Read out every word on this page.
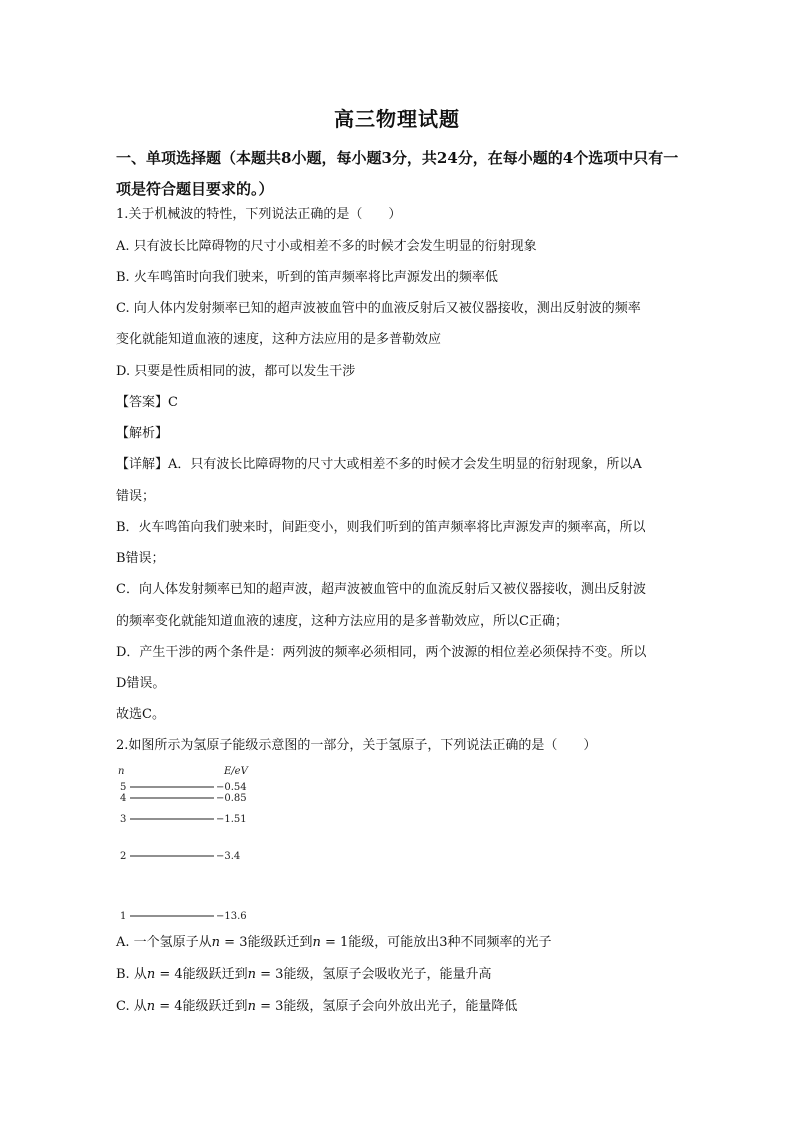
高三物理试题
一、单项选择题（本题共8小题，每小题3分，共24分，在每小题的4个选项中只有一项是符合题目要求的。）
1.关于机械波的特性，下列说法正确的是（　　）
A. 只有波长比障碍物的尺寸小或相差不多的时候才会发生明显的衍射现象
B. 火车鸣笛时向我们驶来，听到的笛声频率将比声源发出的频率低
C. 向人体内发射频率已知的超声波被血管中的血液反射后又被仪器接收，测出反射波的频率
变化就能知道血液的速度，这种方法应用的是多普勒效应
D. 只要是性质相同的波，都可以发生干涉
【答案】C
【解析】
【详解】A．只有波长比障碍物的尺寸大或相差不多的时候才会发生明显的衍射现象，所以A
错误；
B．火车鸣笛向我们驶来时，间距变小，则我们听到的笛声频率将比声源发声的频率高，所以
B错误；
C．向人体发射频率已知的超声波，超声波被血管中的血流反射后又被仪器接收，测出反射波
的频率变化就能知道血液的速度，这种方法应用的是多普勒效应，所以C正确；
D．产生干涉的两个条件是：两列波的频率必须相同，两个波源的相位差必须保持不变。所以
D错误。
故选C。
2.如图所示为氢原子能级示意图的一部分，关于氢原子，下列说法正确的是（　　）
n	E/eV
5	−0.54
4	−0.85
3	−1.51
2	−3.4
1	−13.6
A. 一个氢原子从n = 3能级跃迁到n = 1能级，可能放出3种不同频率的光子
B. 从n = 4能级跃迁到n = 3能级，氢原子会吸收光子，能量升高
C. 从n = 4能级跃迁到n = 3能级，氢原子会向外放出光子，能量降低
